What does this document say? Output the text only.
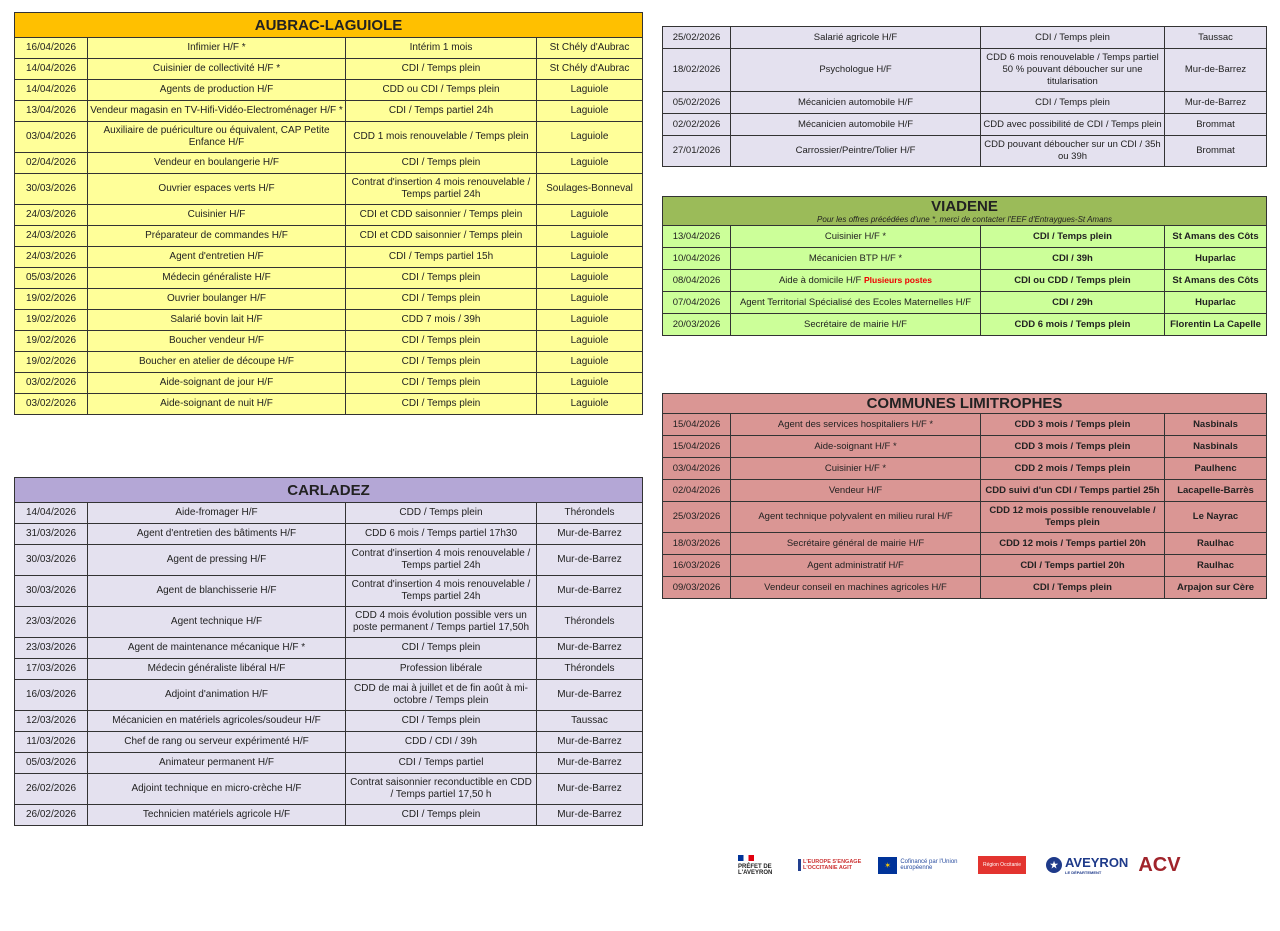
AUBRAC-LAGUIOLE			
16/04/2026	Infimier H/F *	Intérim 1 mois	St Chély d'Aubrac
14/04/2026	Cuisinier de collectivité H/F *	CDI / Temps plein	St Chély d'Aubrac
14/04/2026	Agents de production H/F	CDD ou CDI / Temps plein	Laguiole
13/04/2026	Vendeur magasin en TV-Hifi-Vidéo-Electroménager H/F *	CDI / Temps partiel 24h	Laguiole
03/04/2026	Auxiliaire de puériculture ou équivalent, CAP Petite Enfance H/F	CDD 1 mois renouvelable / Temps plein	Laguiole
02/04/2026	Vendeur en boulangerie H/F	CDI / Temps plein	Laguiole
30/03/2026	Ouvrier espaces verts H/F	Contrat d'insertion 4 mois renouvelable / Temps partiel 24h	Soulages-Bonneval
24/03/2026	Cuisinier H/F	CDI et CDD saisonnier / Temps plein	Laguiole
24/03/2026	Préparateur de commandes H/F	CDI et CDD saisonnier / Temps plein	Laguiole
24/03/2026	Agent d'entretien H/F	CDI / Temps partiel 15h	Laguiole
05/03/2026	Médecin généraliste H/F	CDI / Temps plein	Laguiole
19/02/2026	Ouvrier boulanger H/F	CDI / Temps plein	Laguiole
19/02/2026	Salarié bovin lait H/F	CDD 7 mois / 39h	Laguiole
19/02/2026	Boucher vendeur H/F	CDI / Temps plein	Laguiole
19/02/2026	Boucher en atelier de découpe H/F	CDI / Temps plein	Laguiole
03/02/2026	Aide-soignant de jour H/F	CDI / Temps plein	Laguiole
03/02/2026	Aide-soignant de nuit H/F	CDI / Temps plein	Laguiole
CARLADEZ			
14/04/2026	Aide-fromager H/F	CDD / Temps plein	Thérondels
31/03/2026	Agent d'entretien des bâtiments H/F	CDD 6 mois / Temps partiel 17h30	Mur-de-Barrez
30/03/2026	Agent de pressing H/F	Contrat d'insertion 4 mois renouvelable / Temps partiel 24h	Mur-de-Barrez
30/03/2026	Agent de blanchisserie H/F	Contrat d'insertion 4 mois renouvelable / Temps partiel 24h	Mur-de-Barrez
23/03/2026	Agent technique H/F	CDD 4 mois évolution possible vers un poste permanent / Temps partiel 17,50h	Thérondels
23/03/2026	Agent de maintenance mécanique H/F *	CDI / Temps plein	Mur-de-Barrez
17/03/2026	Médecin généraliste libéral H/F	Profession libérale	Thérondels
16/03/2026	Adjoint d'animation H/F	CDD de mai à juillet et de fin août à mi-octobre / Temps plein	Mur-de-Barrez
12/03/2026	Mécanicien en matériels agricoles/soudeur H/F	CDI / Temps plein	Taussac
11/03/2026	Chef de rang ou serveur expérimenté H/F	CDD / CDI / 39h	Mur-de-Barrez
05/03/2026	Animateur permanent H/F	CDI / Temps partiel	Mur-de-Barrez
26/02/2026	Adjoint technique en micro-crèche H/F	Contrat saisonnier reconductible en CDD / Temps partiel 17,50 h	Mur-de-Barrez
26/02/2026	Technicien matériels agricole H/F	CDI / Temps plein	Mur-de-Barrez
25/02/2026	Salarié agricole H/F	CDI / Temps plein	Taussac
18/02/2026	Psychologue H/F	CDD 6 mois renouvelable / Temps partiel 50 % pouvant déboucher sur une titularisation	Mur-de-Barrez
05/02/2026	Mécanicien automobile H/F	CDI / Temps plein	Mur-de-Barrez
02/02/2026	Mécanicien automobile H/F	CDD avec possibilité de CDI / Temps plein	Brommat
27/01/2026	Carrossier/Peintre/Tolier H/F	CDD pouvant déboucher sur un CDI / 35h ou 39h	Brommat
VIADENE
Pour les offres précédées d'une *, merci de contacter l'EEF d'Entraygues-St Amans			

13/04/2026	Cuisinier H/F *	CDI / Temps plein	St Amans des Côts
10/04/2026	Mécanicien BTP H/F *	CDI / 39h	Huparlac
08/04/2026	Aide à domicile H/F Plusieurs postes	CDI ou CDD / Temps plein	St Amans des Côts
07/04/2026	Agent Territorial Spécialisé des Ecoles Maternelles H/F	CDI / 29h	Huparlac
20/03/2026	Secrétaire de mairie H/F	CDD 6 mois / Temps plein	Florentin La Capelle
COMMUNES LIMITROPHES			
15/04/2026	Agent des services hospitaliers H/F *	CDD 3 mois / Temps plein	Nasbinals
15/04/2026	Aide-soignant H/F *	CDD 3 mois / Temps plein	Nasbinals
03/04/2026	Cuisinier H/F *	CDD 2 mois / Temps plein	Paulhenc
02/04/2026	Vendeur H/F	CDD suivi d'un CDI / Temps partiel 25h	Lacapelle-Barrès
25/03/2026	Agent technique polyvalent en milieu rural H/F	CDD 12 mois possible renouvelable / Temps plein	Le Nayrac
18/03/2026	Secrétaire général de mairie H/F	CDD 12 mois / Temps partiel 20h	Raulhac
16/03/2026	Agent administratif H/F	CDI / Temps partiel 20h	Raulhac
09/03/2026	Vendeur conseil en machines agricoles H/F	CDI / Temps plein	Arpajon sur Cère
PRÉFET DE L'AVEYRON
L'EUROPE S'ENGAGE L'OCCITANIE AGIT	✶	Cofinancé par l'Union européenne	Région Occitanie	★ AVEYRON
LE DÉPARTEMENT	ACV
